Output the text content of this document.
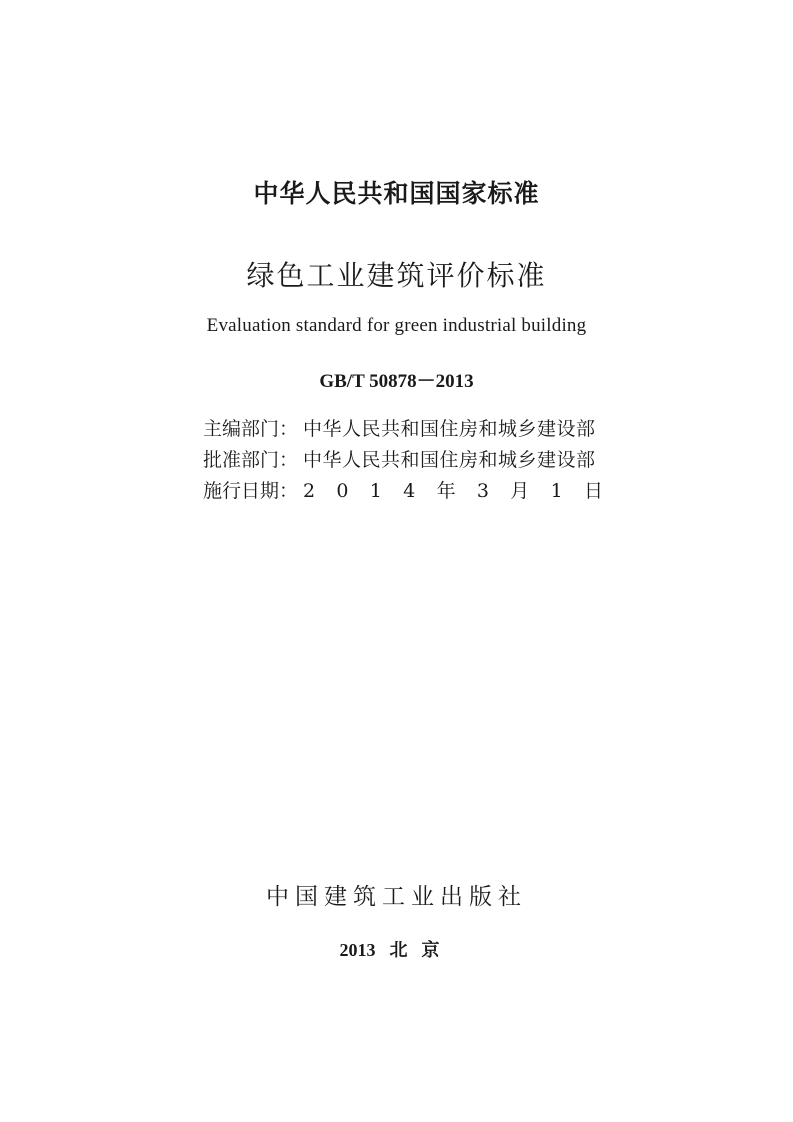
中华人民共和国国家标准
绿色工业建筑评价标准

Evaluation standard for green industrial building

GB/T 50878－2013

主编部门： 中华人民共和国住房和城乡建设部
批准部门： 中华人民共和国住房和城乡建设部
施行日期： 2 0 1 4 年 3 月 1 日

中国建筑工业出版社

2013 北京
